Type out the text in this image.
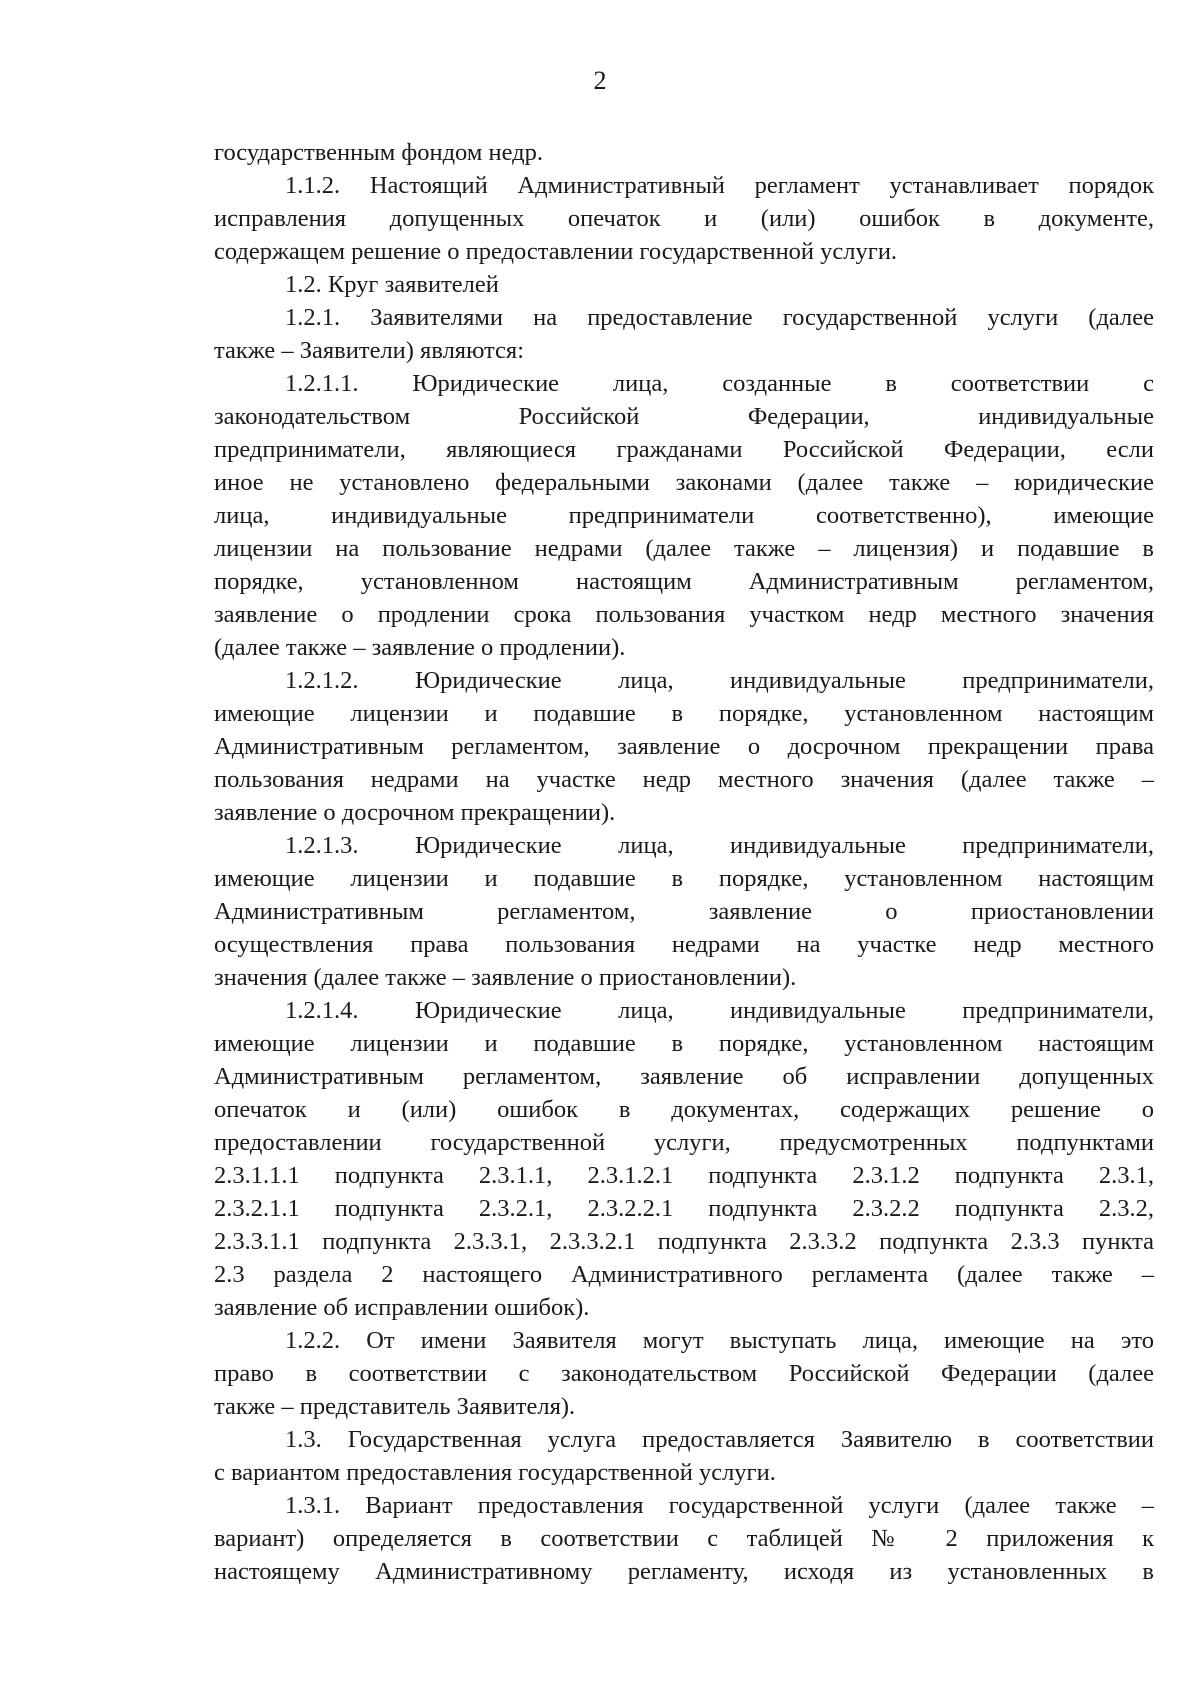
2
государственным фондом недр.
1.1.2. Настоящий Административный регламент устанавливает порядок
исправления допущенных опечаток и (или) ошибок в документе,
содержащем решение о предоставлении государственной услуги.
1.2. Круг заявителей
1.2.1. Заявителями на предоставление государственной услуги (далее
также – Заявители) являются:
1.2.1.1. Юридические лица, созданные в соответствии с
законодательством Российской Федерации, индивидуальные
предприниматели, являющиеся гражданами Российской Федерации, если
иное не установлено федеральными законами (далее также – юридические
лица, индивидуальные предприниматели соответственно), имеющие
лицензии на пользование недрами (далее также – лицензия) и подавшие в
порядке, установленном настоящим Административным регламентом,
заявление о продлении срока пользования участком недр местного значения
(далее также – заявление о продлении).
1.2.1.2. Юридические лица, индивидуальные предприниматели,
имеющие лицензии и подавшие в порядке, установленном настоящим
Административным регламентом, заявление о досрочном прекращении права
пользования недрами на участке недр местного значения (далее также –
заявление о досрочном прекращении).
1.2.1.3. Юридические лица, индивидуальные предприниматели,
имеющие лицензии и подавшие в порядке, установленном настоящим
Административным регламентом, заявление о приостановлении
осуществления права пользования недрами на участке недр местного
значения (далее также – заявление о приостановлении).
1.2.1.4. Юридические лица, индивидуальные предприниматели,
имеющие лицензии и подавшие в порядке, установленном настоящим
Административным регламентом, заявление об исправлении допущенных
опечаток и (или) ошибок в документах, содержащих решение о
предоставлении государственной услуги, предусмотренных подпунктами
2.3.1.1.1 подпункта 2.3.1.1, 2.3.1.2.1 подпункта 2.3.1.2 подпункта 2.3.1,
2.3.2.1.1 подпункта 2.3.2.1, 2.3.2.2.1 подпункта 2.3.2.2 подпункта 2.3.2,
2.3.3.1.1 подпункта 2.3.3.1, 2.3.3.2.1 подпункта 2.3.3.2 подпункта 2.3.3 пункта
2.3 раздела 2 настоящего Административного регламента (далее также –
заявление об исправлении ошибок).
1.2.2. От имени Заявителя могут выступать лица, имеющие на это
право в соответствии с законодательством Российской Федерации (далее
также – представитель Заявителя).
1.3. Государственная услуга предоставляется Заявителю в соответствии
с вариантом предоставления государственной услуги.
1.3.1. Вариант предоставления государственной услуги (далее также –
вариант) определяется в соответствии с таблицей № 2 приложения к
настоящему Административному регламенту, исходя из установленных в
